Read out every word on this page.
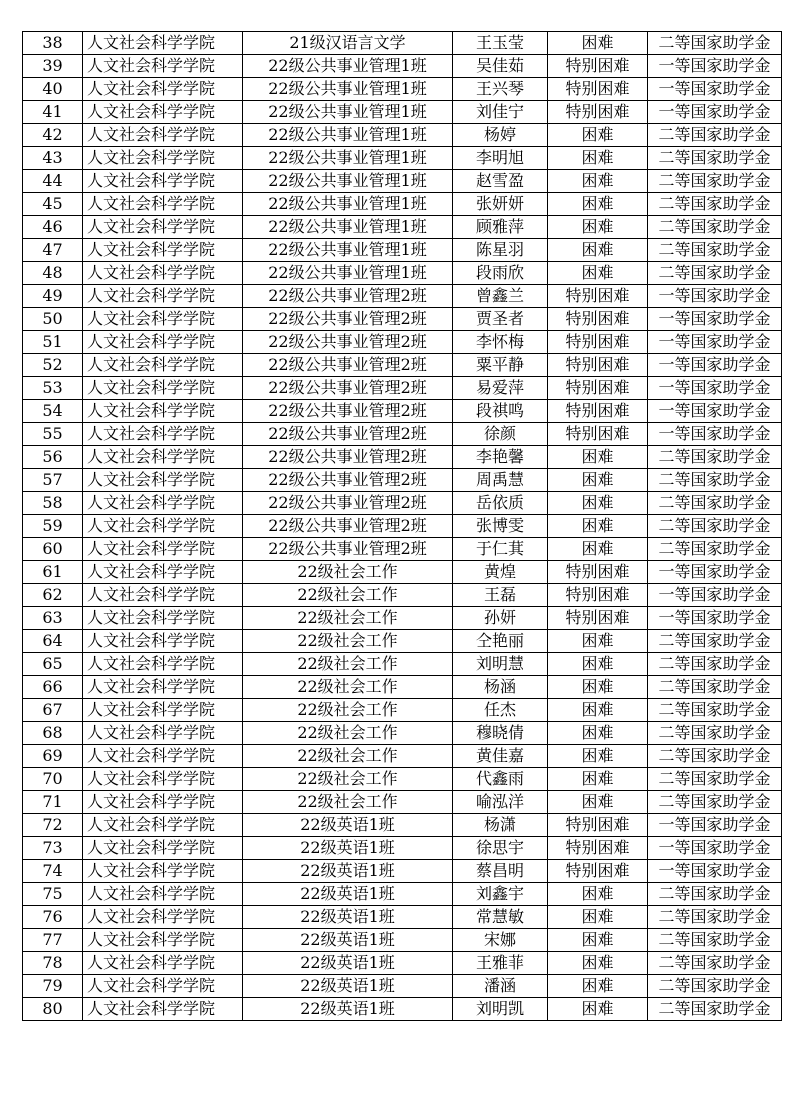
38	人文社会科学学院	21级汉语言文学	王玉莹	困难	二等国家助学金
39	人文社会科学学院	22级公共事业管理1班	吴佳茹	特别困难	一等国家助学金
40	人文社会科学学院	22级公共事业管理1班	王兴琴	特别困难	一等国家助学金
41	人文社会科学学院	22级公共事业管理1班	刘佳宁	特别困难	一等国家助学金
42	人文社会科学学院	22级公共事业管理1班	杨婷	困难	二等国家助学金
43	人文社会科学学院	22级公共事业管理1班	李明旭	困难	二等国家助学金
44	人文社会科学学院	22级公共事业管理1班	赵雪盈	困难	二等国家助学金
45	人文社会科学学院	22级公共事业管理1班	张妍妍	困难	二等国家助学金
46	人文社会科学学院	22级公共事业管理1班	顾雅萍	困难	二等国家助学金
47	人文社会科学学院	22级公共事业管理1班	陈星羽	困难	二等国家助学金
48	人文社会科学学院	22级公共事业管理1班	段雨欣	困难	二等国家助学金
49	人文社会科学学院	22级公共事业管理2班	曾鑫兰	特别困难	一等国家助学金
50	人文社会科学学院	22级公共事业管理2班	贾圣者	特别困难	一等国家助学金
51	人文社会科学学院	22级公共事业管理2班	李怀梅	特别困难	一等国家助学金
52	人文社会科学学院	22级公共事业管理2班	粟平静	特别困难	一等国家助学金
53	人文社会科学学院	22级公共事业管理2班	易爱萍	特别困难	一等国家助学金
54	人文社会科学学院	22级公共事业管理2班	段祺鸣	特别困难	一等国家助学金
55	人文社会科学学院	22级公共事业管理2班	徐颜	特别困难	一等国家助学金
56	人文社会科学学院	22级公共事业管理2班	李艳馨	困难	二等国家助学金
57	人文社会科学学院	22级公共事业管理2班	周禹慧	困难	二等国家助学金
58	人文社会科学学院	22级公共事业管理2班	岳依质	困难	二等国家助学金
59	人文社会科学学院	22级公共事业管理2班	张博雯	困难	二等国家助学金
60	人文社会科学学院	22级公共事业管理2班	于仁萁	困难	二等国家助学金
61	人文社会科学学院	22级社会工作	黄煌	特别困难	一等国家助学金
62	人文社会科学学院	22级社会工作	王磊	特别困难	一等国家助学金
63	人文社会科学学院	22级社会工作	孙妍	特别困难	一等国家助学金
64	人文社会科学学院	22级社会工作	仝艳丽	困难	二等国家助学金
65	人文社会科学学院	22级社会工作	刘明慧	困难	二等国家助学金
66	人文社会科学学院	22级社会工作	杨涵	困难	二等国家助学金
67	人文社会科学学院	22级社会工作	任杰	困难	二等国家助学金
68	人文社会科学学院	22级社会工作	穆晓倩	困难	二等国家助学金
69	人文社会科学学院	22级社会工作	黄佳嘉	困难	二等国家助学金
70	人文社会科学学院	22级社会工作	代鑫雨	困难	二等国家助学金
71	人文社会科学学院	22级社会工作	喻泓洋	困难	二等国家助学金
72	人文社会科学学院	22级英语1班	杨潇	特别困难	一等国家助学金
73	人文社会科学学院	22级英语1班	徐思宇	特别困难	一等国家助学金
74	人文社会科学学院	22级英语1班	蔡昌明	特别困难	一等国家助学金
75	人文社会科学学院	22级英语1班	刘鑫宇	困难	二等国家助学金
76	人文社会科学学院	22级英语1班	常慧敏	困难	二等国家助学金
77	人文社会科学学院	22级英语1班	宋娜	困难	二等国家助学金
78	人文社会科学学院	22级英语1班	王雅菲	困难	二等国家助学金
79	人文社会科学学院	22级英语1班	潘涵	困难	二等国家助学金
80	人文社会科学学院	22级英语1班	刘明凯	困难	二等国家助学金
